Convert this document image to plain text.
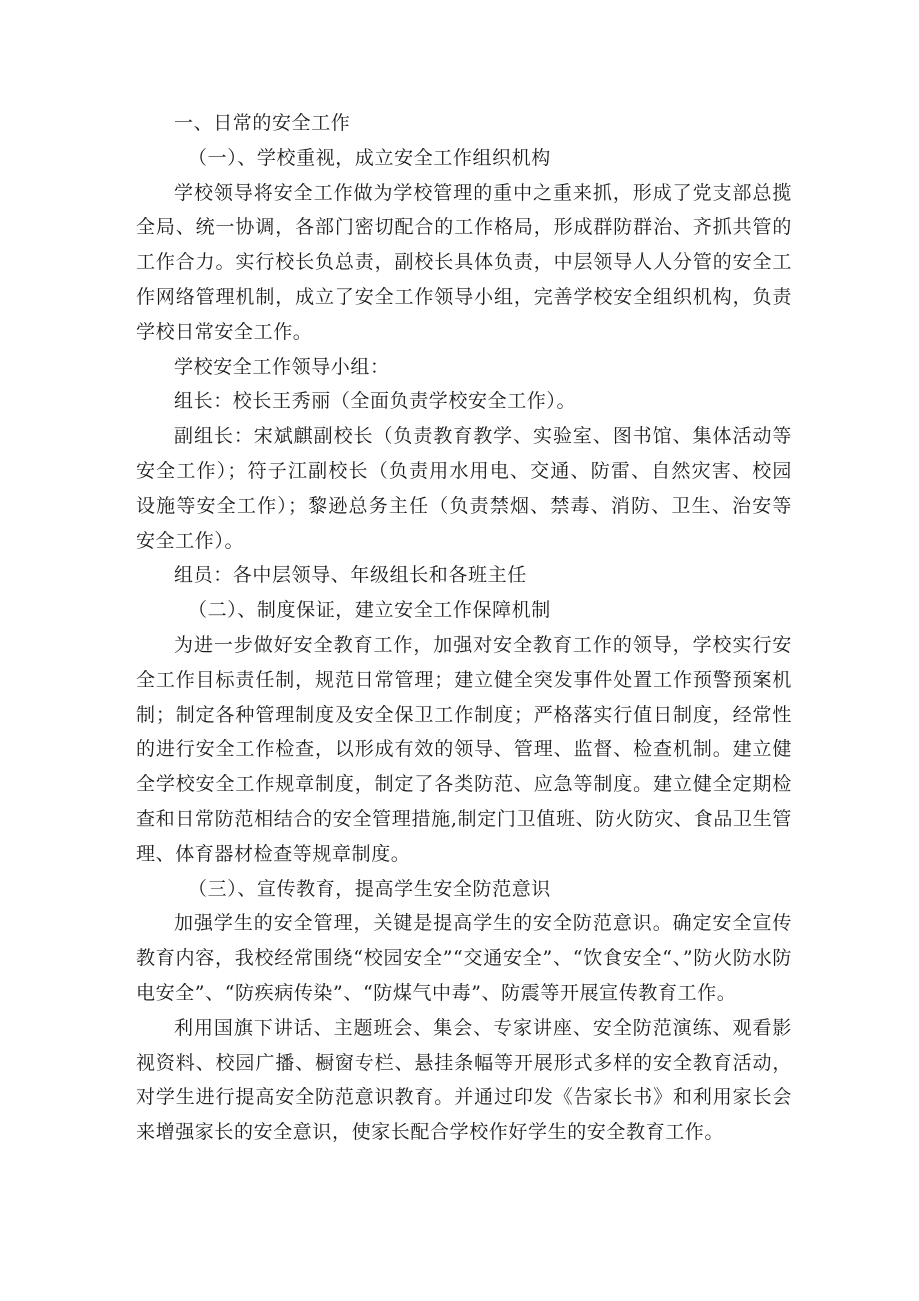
一、日常的安全工作

（一）、学校重视，成立安全工作组织机构

学校领导将安全工作做为学校管理的重中之重来抓，形成了党支部总揽全局、统一协调，各部门密切配合的工作格局，形成群防群治、齐抓共管的工作合力。实行校长负总责，副校长具体负责，中层领导人人分管的安全工作网络管理机制，成立了安全工作领导小组，完善学校安全组织机构，负责学校日常安全工作。

学校安全工作领导小组：

组长：校长王秀丽（全面负责学校安全工作）。

副组长：宋斌麒副校长（负责教育教学、实验室、图书馆、集体活动等安全工作）；符子江副校长（负责用水用电、交通、防雷、自然灾害、校园设施等安全工作）；黎逊总务主任（负责禁烟、禁毒、消防、卫生、治安等安全工作）。

组员：各中层领导、年级组长和各班主任

（二）、制度保证，建立安全工作保障机制

为进一步做好安全教育工作，加强对安全教育工作的领导，学校实行安全工作目标责任制，规范日常管理；建立健全突发事件处置工作预警预案机制；制定各种管理制度及安全保卫工作制度；严格落实行值日制度，经常性的进行安全工作检查，以形成有效的领导、管理、监督、检查机制。建立健全学校安全工作规章制度，制定了各类防范、应急等制度。建立健全定期检查和日常防范相结合的安全管理措施,制定门卫值班、防火防灾、食品卫生管理、体育器材检查等规章制度。

（三）、宣传教育，提高学生安全防范意识

加强学生的安全管理，关键是提高学生的安全防范意识。确定安全宣传教育内容，我校经常围绕“校园安全”“交通安全”、“饮食安全“、”防火防水防电安全”、“防疾病传染”、“防煤气中毒”、防震等开展宣传教育工作。

利用国旗下讲话、主题班会、集会、专家讲座、安全防范演练、观看影视资料、校园广播、橱窗专栏、悬挂条幅等开展形式多样的安全教育活动，对学生进行提高安全防范意识教育。并通过印发《告家长书》和利用家长会来增强家长的安全意识，使家长配合学校作好学生的安全教育工作。
